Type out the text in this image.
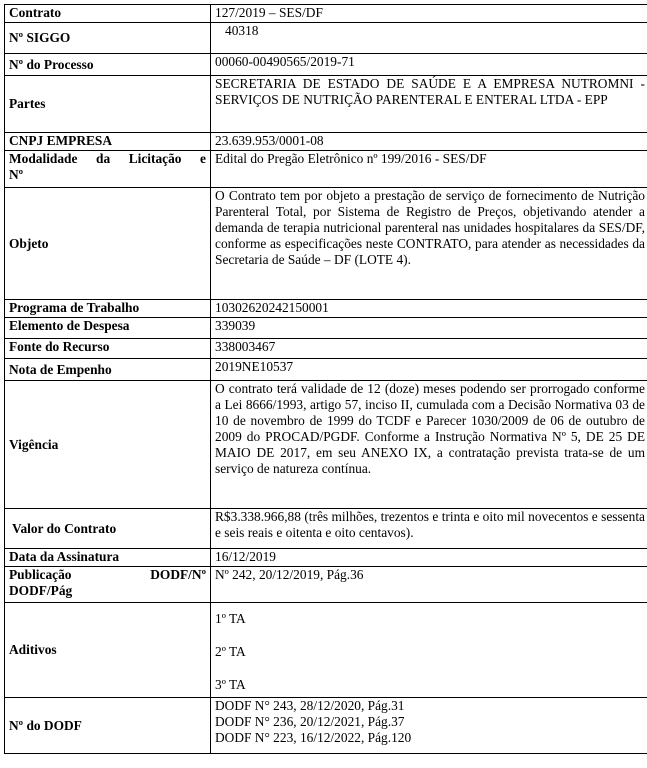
Contrato	127/2019 – SES/DF
Nº SIGGO	40318
Nº do Processo	00060-00490565/2019-71
Partes	SECRETARIA DE ESTADO DE SAÚDE E A EMPRESA NUTROMNI - SERVIÇOS DE NUTRIÇÃO PARENTERAL E ENTERAL LTDA - EPP
CNPJ EMPRESA	23.639.953/0001-08

Modalidade da Licitação e
Nº	Edital do Pregão Eletrônico nº 199/2016 - SES/DF
Objeto	O Contrato tem por objeto a prestação de serviço de fornecimento de Nutrição Parenteral Total, por Sistema de Registro de Preços, objetivando atender a demanda de terapia nutricional parenteral nas unidades hospitalares da SES/DF, conforme as especificações neste CONTRATO, para atender as necessidades da Secretaria de Saúde – DF (LOTE 4).
Programa de Trabalho	10302620242150001
Elemento de Despesa	339039
Fonte do Recurso	338003467
Nota de Empenho	2019NE10537
Vigência	O contrato terá validade de 12 (doze) meses podendo ser prorrogado conforme a Lei 8666/1993, artigo 57, inciso II, cumulada com a Decisão Normativa 03 de 10 de novembro de 1999 do TCDF e Parecer 1030/2009 de 06 de outubro de 2009 do PROCAD/PGDF. Conforme a Instrução Normativa Nº 5, DE 25 DE MAIO DE 2017, em seu ANEXO IX, a contratação prevista trata-se de um serviço de natureza contínua.
Valor do Contrato	R$3.338.966,88 (três milhões, trezentos e trinta e oito mil novecentos e sessenta e seis reais e oitenta e oito centavos).
Data da Assinatura	16/12/2019

Publicação DODF/Nº
DODF/Pág	Nº 242, 20/12/2019, Pág.36
Aditivos	1º TA
2º TA
3º TA

Nº do DODF	DODF N° 243, 28/12/2020, Pág.31
DODF N° 236, 20/12/2021, Pág.37
DODF N° 223, 16/12/2022, Pág.120
